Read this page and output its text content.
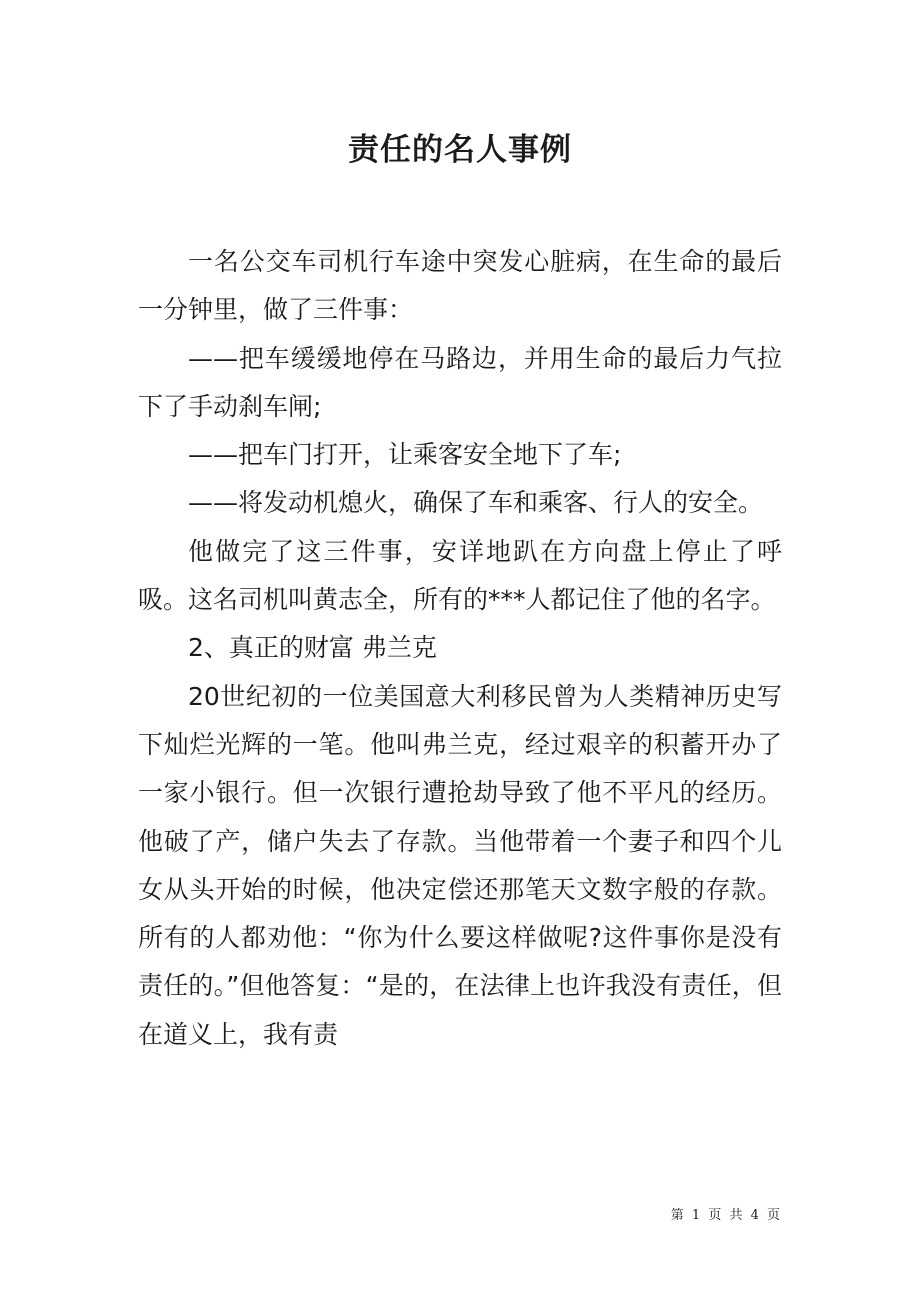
责任的名人事例

一名公交车司机行车途中突发心脏病，在生命的最后一分钟里，做了三件事：

——把车缓缓地停在马路边，并用生命的最后力气拉下了手动刹车闸;

——把车门打开，让乘客安全地下了车;

——将发动机熄火，确保了车和乘客、行人的安全。

他做完了这三件事，安详地趴在方向盘上停止了呼吸。这名司机叫黄志全，所有的***人都记住了他的名字。

2、真正的财富 弗兰克

20世纪初的一位美国意大利移民曾为人类精神历史写下灿烂光辉的一笔。他叫弗兰克，经过艰辛的积蓄开办了一家小银行。但一次银行遭抢劫导致了他不平凡的经历。他破了产，储户失去了存款。当他带着一个妻子和四个儿女从头开始的时候，他决定偿还那笔天文数字般的存款。所有的人都劝他：“你为什么要这样做呢?这件事你是没有责任的。”但他答复：“是的，在法律上也许我没有责任，但在道义上，我有责

第 1 页 共 4 页
